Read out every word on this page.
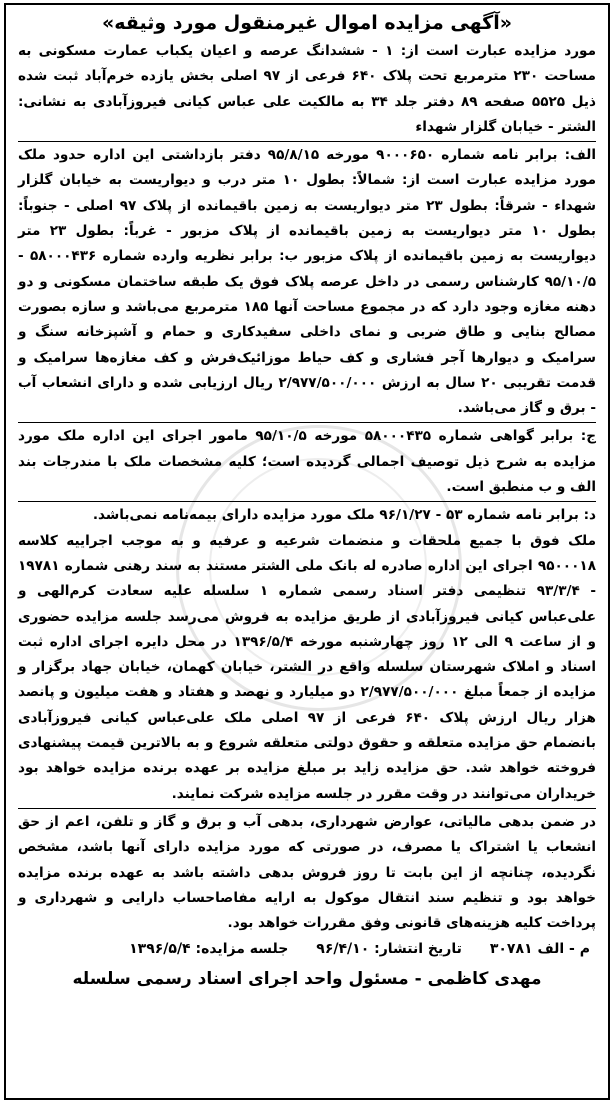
«آگهی مزایده اموال غیرمنقول مورد وثیقه»

مورد مزایده عبارت است از: ۱ - ششدانگ عرصه و اعیان یکباب عمارت مسکونی به مساحت ۲۳۰ مترمربع تحت پلاک ۶۴۰ فرعی از ۹۷ اصلی بخش یازده خرم‌آباد ثبت شده ذیل ۵۵۲۵ صفحه ۸۹ دفتر جلد ۳۴ به مالکیت علی عباس کیانی فیروزآبادی به نشانی: الشتر - خیابان گلزار شهداء

الف: برابر نامه شماره ۹۰۰۰۶۵۰ مورخه ۹۵/۸/۱۵ دفتر بازداشتی این اداره حدود ملک مورد مزایده عبارت است از: شمالاً: بطول ۱۰ متر درب و دیواریست به خیابان گلزار شهداء - شرقاً: بطول ۲۳ متر دیواریست به زمین باقیمانده از پلاک ۹۷ اصلی - جنوباً: بطول ۱۰ متر دیواریست به زمین باقیمانده از پلاک مزبور - غرباً: بطول ۲۳ متر دیواریست به زمین باقیمانده از پلاک مزبور ب: برابر نظریه وارده شماره ۵۸۰۰۰۴۳۶ - ۹۵/۱۰/۵ کارشناس رسمی در داخل عرصه پلاک فوق یک طبقه ساختمان مسکونی و دو دهنه مغازه وجود دارد که در مجموع مساحت آنها ۱۸۵ مترمربع می‌باشد و سازه بصورت مصالح بنایی و طاق ضربی و نمای داخلی سفیدکاری و حمام و آشپزخانه سنگ و سرامیک و دیوارها آجر فشاری و کف حیاط موزائیک‌فرش و کف مغازه‌ها سرامیک و قدمت تقریبی ۲۰ سال به ارزش ۲/۹۷۷/۵۰۰/۰۰۰ ریال ارزیابی شده و دارای انشعاب آب - برق و گاز می‌باشد.

ج: برابر گواهی شماره ۵۸۰۰۰۴۳۵ مورخه ۹۵/۱۰/۵ مامور اجرای این اداره ملک مورد مزایده به شرح ذیل توصیف اجمالی گردیده است؛ کلیه مشخصات ملک با مندرجات بند الف و ب منطبق است.

د: برابر نامه شماره ۵۳ - ۹۶/۱/۲۷ ملک مورد مزایده دارای بیمه‌نامه نمی‌باشد.

ملک فوق با جمیع ملحقات و منضمات شرعیه و عرفیه و به موجب اجراییه کلاسه ۹۵۰۰۰۱۸ اجرای این اداره صادره له بانک ملی الشتر مستند به سند رهنی شماره ۱۹۷۸۱ - ۹۳/۳/۴ تنظیمی دفتر اسناد رسمی شماره ۱ سلسله علیه سعادت کرم‌الهی و علی‌عباس کیانی فیروزآبادی از طریق مزایده به فروش می‌رسد جلسه مزایده حضوری و از ساعت ۹ الی ۱۲ روز چهارشنبه مورخه ۱۳۹۶/۵/۴ در محل دایره اجرای اداره ثبت اسناد و املاک شهرستان سلسله واقع در الشتر، خیابان کهمان، خیابان جهاد برگزار و مزایده از جمعاً مبلغ ۲/۹۷۷/۵۰۰/۰۰۰ دو میلیارد و نهصد و هفتاد و هفت میلیون و پانصد هزار ریال ارزش پلاک ۶۴۰ فرعی از ۹۷ اصلی ملک علی‌عباس کیانی فیروزآبادی بانضمام حق مزایده متعلقه و حقوق دولتی متعلقه شروع و به بالاترین قیمت پیشنهادی فروخته خواهد شد. حق مزایده زاید بر مبلغ مزایده بر عهده برنده مزایده خواهد بود خریداران می‌توانند در وقت مقرر در جلسه مزایده شرکت نمایند.

در ضمن بدهی مالیاتی، عوارض شهرداری، بدهی آب و برق و گاز و تلفن، اعم از حق انشعاب یا اشتراک یا مصرف، در صورتی که مورد مزایده دارای آنها باشد، مشخص نگردیده، چنانچه از این بابت تا روز فروش بدهی داشته باشد به عهده برنده مزایده خواهد بود و تنظیم سند انتقال موکول به ارایه مفاصاحساب دارایی و شهرداری و پرداخت کلیه هزینه‌های قانونی وفق مقررات خواهد بود.

م - الف ۳۰۷۸۱
تاریخ انتشار: ۹۶/۴/۱۰
جلسه مزایده: ۱۳۹۶/۵/۴
مهدی کاظمی - مسئول واحد اجرای اسناد رسمی سلسله
